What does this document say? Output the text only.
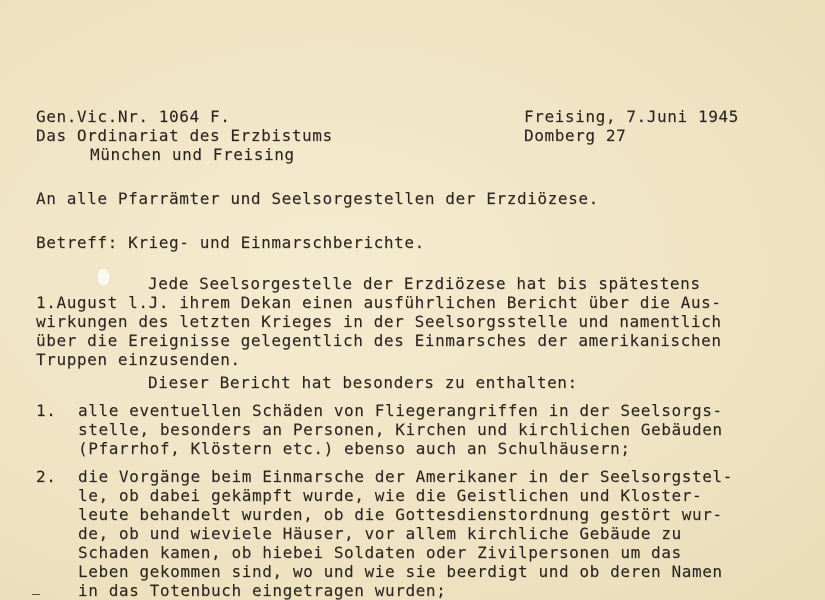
Gen.Vic.Nr. 1064 F.
Das Ordinariat des Erzbistums
München und Freising
Freising, 7.Juni 1945
Domberg 27
An alle Pfarrämter und Seelsorgestellen der Erzdiözese.
Betreff: Krieg- und Einmarschberichte.
Jede Seelsorgestelle der Erzdiözese hat bis spätestens
1.August l.J. ihrem Dekan einen ausführlichen Bericht über die Aus-
wirkungen des letzten Krieges in der Seelsorgsstelle und namentlich
über die Ereignisse gelegentlich des Einmarsches der amerikanischen
Truppen einzusenden.
Dieser Bericht hat besonders zu enthalten:
1. alle eventuellen Schäden von Fliegerangriffen in der Seelsorgs-
stelle, besonders an Personen, Kirchen und kirchlichen Gebäuden
(Pfarrhof, Klöstern etc.) ebenso auch an Schulhäusern;
2. die Vorgänge beim Einmarsche der Amerikaner in der Seelsorgstel-
le, ob dabei gekämpft wurde, wie die Geistlichen und Kloster-
leute behandelt wurden, ob die Gottesdienstordnung gestört wur-
de, ob und wieviele Häuser, vor allem kirchliche Gebäude zu
Schaden kamen, ob hiebei Soldaten oder Zivilpersonen um das
Leben gekommen sind, wo und wie sie beerdigt und ob deren Namen
in das Totenbuch eingetragen wurden;
